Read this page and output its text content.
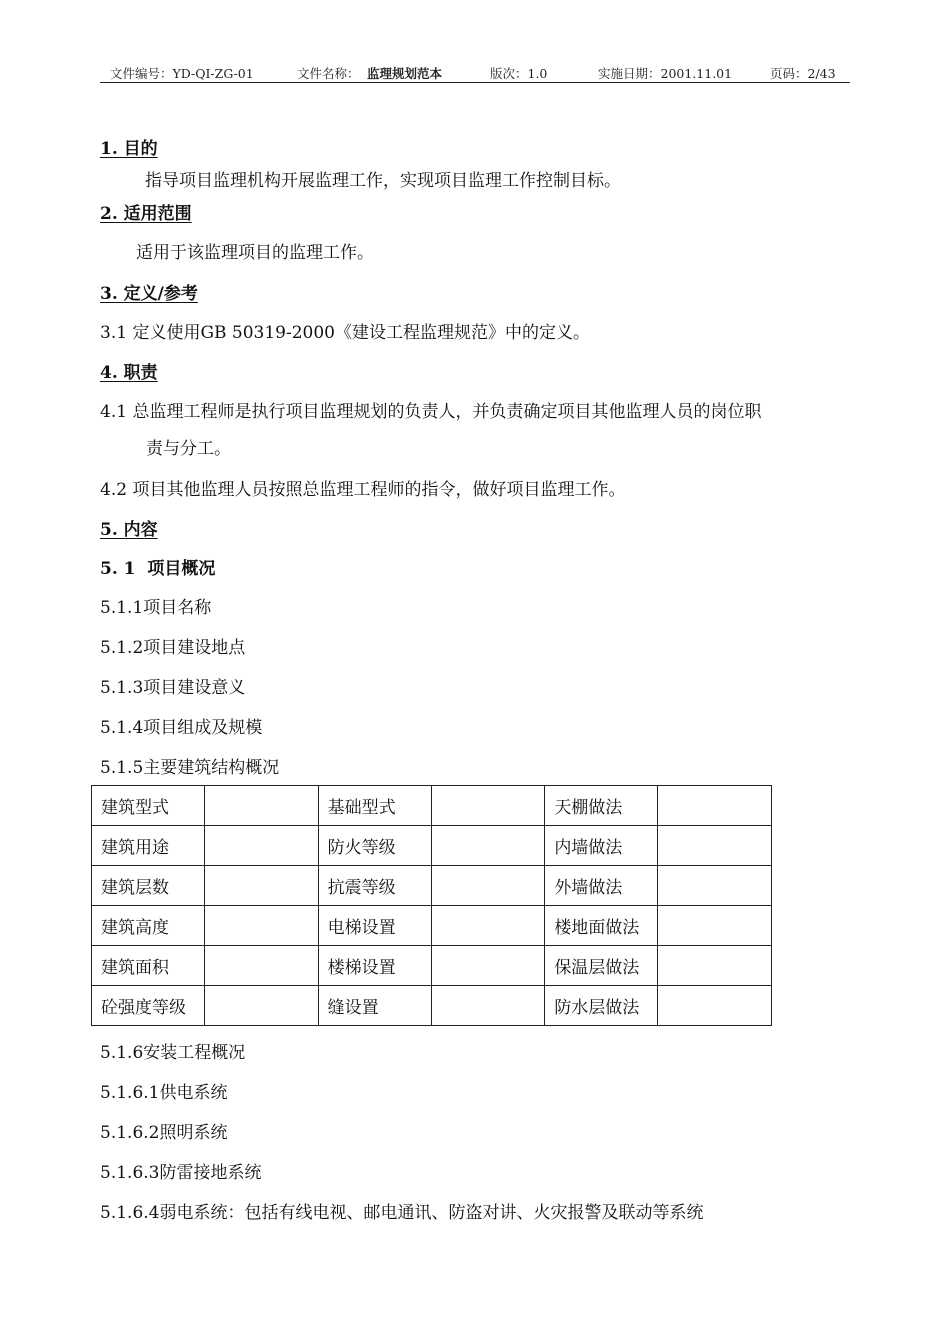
文件编号：YD-QI-ZG-01	文件名称： 监理规划范本	版次：1.0	实施日期：2001.11.01	页码：2/43
1. 目的
指导项目监理机构开展监理工作，实现项目监理工作控制目标。
2. 适用范围
适用于该监理项目的监理工作。
3. 定义/参考
3.1 定义使用GB 50319-2000《建设工程监理规范》中的定义。
4. 职责
4.1 总监理工程师是执行项目监理规划的负责人，并负责确定项目其他监理人员的岗位职
责与分工。
4.2 项目其他监理人员按照总监理工程师的指令，做好项目监理工作。
5. 内容
5. 1  项目概况
5.1.1项目名称
5.1.2项目建设地点
5.1.3项目建设意义
5.1.4项目组成及规模
5.1.5主要建筑结构概况
建筑型式		基础型式		天棚做法	
建筑用途		防火等级		内墙做法	
建筑层数		抗震等级		外墙做法	
建筑高度		电梯设置		楼地面做法	
建筑面积		楼梯设置		保温层做法	
砼强度等级		缝设置		防水层做法	
5.1.6安装工程概况
5.1.6.1供电系统
5.1.6.2照明系统
5.1.6.3防雷接地系统
5.1.6.4弱电系统：包括有线电视、邮电通讯、防盗对讲、火灾报警及联动等系统
